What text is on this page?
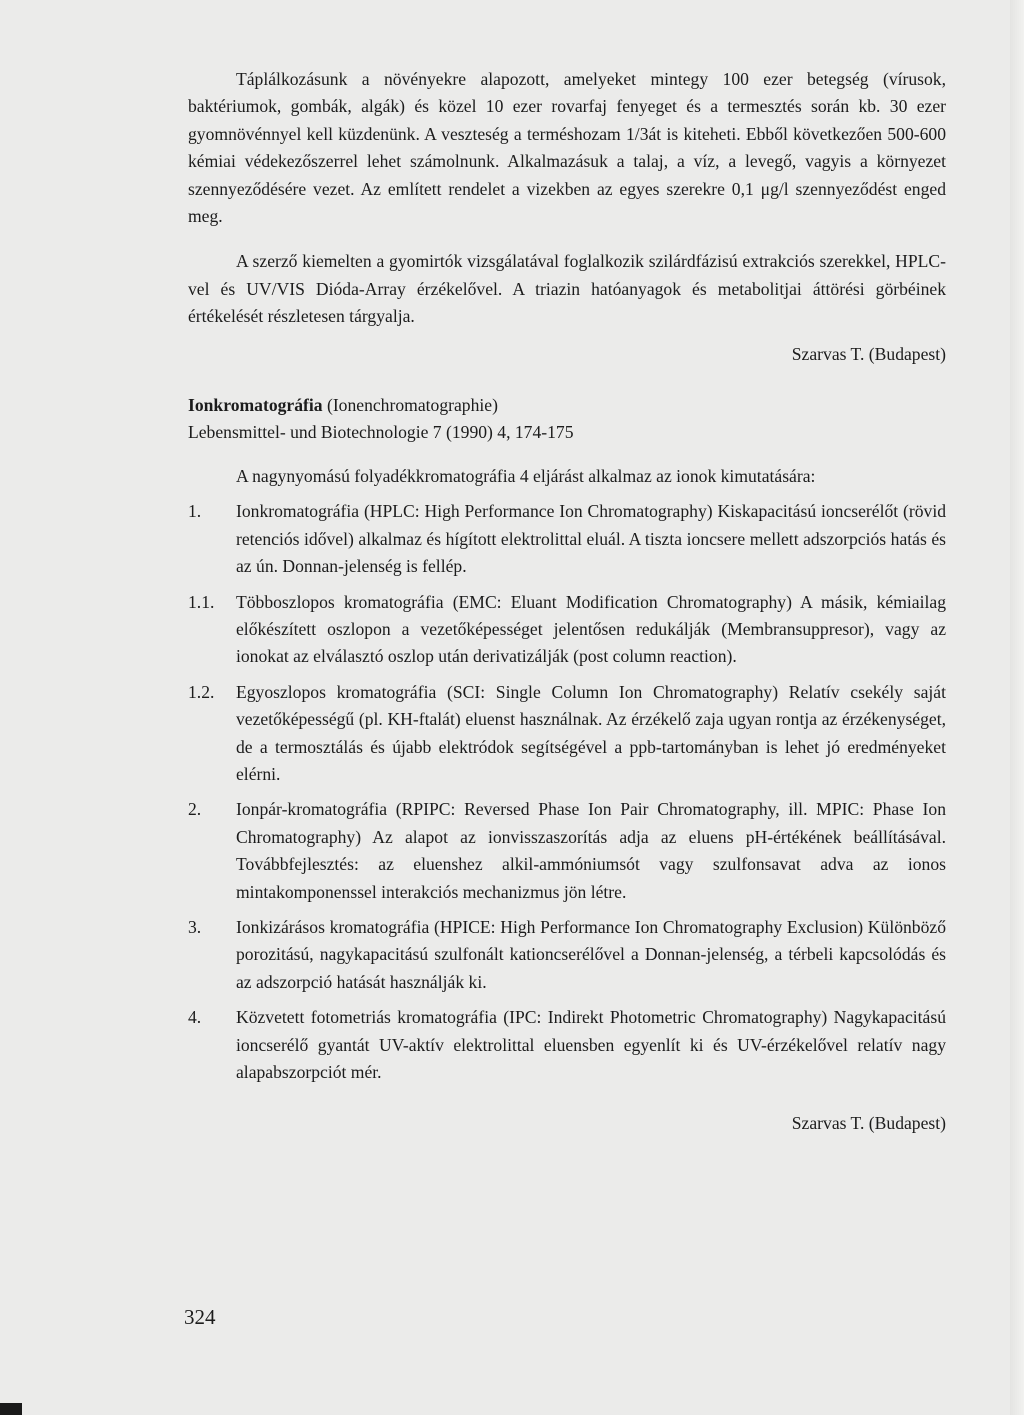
Táplálkozásunk a növényekre alapozott, amelyeket mintegy 100 ezer betegség (vírusok, baktériumok, gombák, algák) és közel 10 ezer rovarfaj fenyeget és a termesztés során kb. 30 ezer gyomnövénnyel kell küzdenünk. A veszteség a terméshozam 1/3át is kiteheti. Ebből következően 500-600 kémiai védekezőszerrel lehet számolnunk. Alkalmazásuk a talaj, a víz, a levegő, vagyis a környezet szennyeződésére vezet. Az említett rendelet a vizekben az egyes szerekre 0,1 μg/l szennyeződést enged meg.

A szerző kiemelten a gyomirtók vizsgálatával foglalkozik szilárdfázisú extrakciós szerekkel, HPLC-vel és UV/VIS Dióda-Array érzékelővel. A triazin hatóanyagok és metabolitjai áttörési görbéinek értékelését részletesen tárgyalja.

Szarvas T. (Budapest)

Ionkromatográfia (Ionenchromatographie)

Lebensmittel- und Biotechnologie 7 (1990) 4, 174-175

A nagynyomású folyadékkromatográfia 4 eljárást alkalmaz az ionok kimutatására:

1.	Ionkromatográfia (HPLC: High Performance Ion Chromatography) Kiskapacitású ioncserélőt (rövid retenciós idővel) alkalmaz és hígított elektrolittal eluál. A tiszta ioncsere mellett adszorpciós hatás és az ún. Donnan-jelenség is fellép.
1.1.	Többoszlopos kromatográfia (EMC: Eluant Modification Chromatography) A másik, kémiailag előkészített oszlopon a vezetőképességet jelentősen redukálják (Membransuppresor), vagy az ionokat az elválasztó oszlop után derivatizálják (post column reaction).
1.2.	Egyoszlopos kromatográfia (SCI: Single Column Ion Chromatography) Relatív csekély saját vezetőképességű (pl. KH-ftalát) eluenst használnak. Az érzékelő zaja ugyan rontja az érzékenységet, de a termosztálás és újabb elektródok segítségével a ppb-tartományban is lehet jó eredményeket elérni.
2.	Ionpár-kromatográfia (RPIPC: Reversed Phase Ion Pair Chromatography, ill. MPIC: Phase Ion Chromatography) Az alapot az ionvisszaszorítás adja az eluens pH-értékének beállításával. Továbbfejlesztés: az eluenshez alkil-ammóniumsót vagy szulfonsavat adva az ionos mintakomponenssel interakciós mechanizmus jön létre.
3.	Ionkizárásos kromatográfia (HPICE: High Performance Ion Chromatography Exclusion) Különböző porozitású, nagykapacitású szulfonált kationcserélővel a Donnan-jelenség, a térbeli kapcsolódás és az adszorpció hatását használják ki.
4.	Közvetett fotometriás kromatográfia (IPC: Indirekt Photometric Chromatography) Nagykapacitású ioncserélő gyantát UV-aktív elektrolittal eluensben egyenlít ki és UV-érzékelővel relatív nagy alapabszorpciót mér.

Szarvas T. (Budapest)

324
